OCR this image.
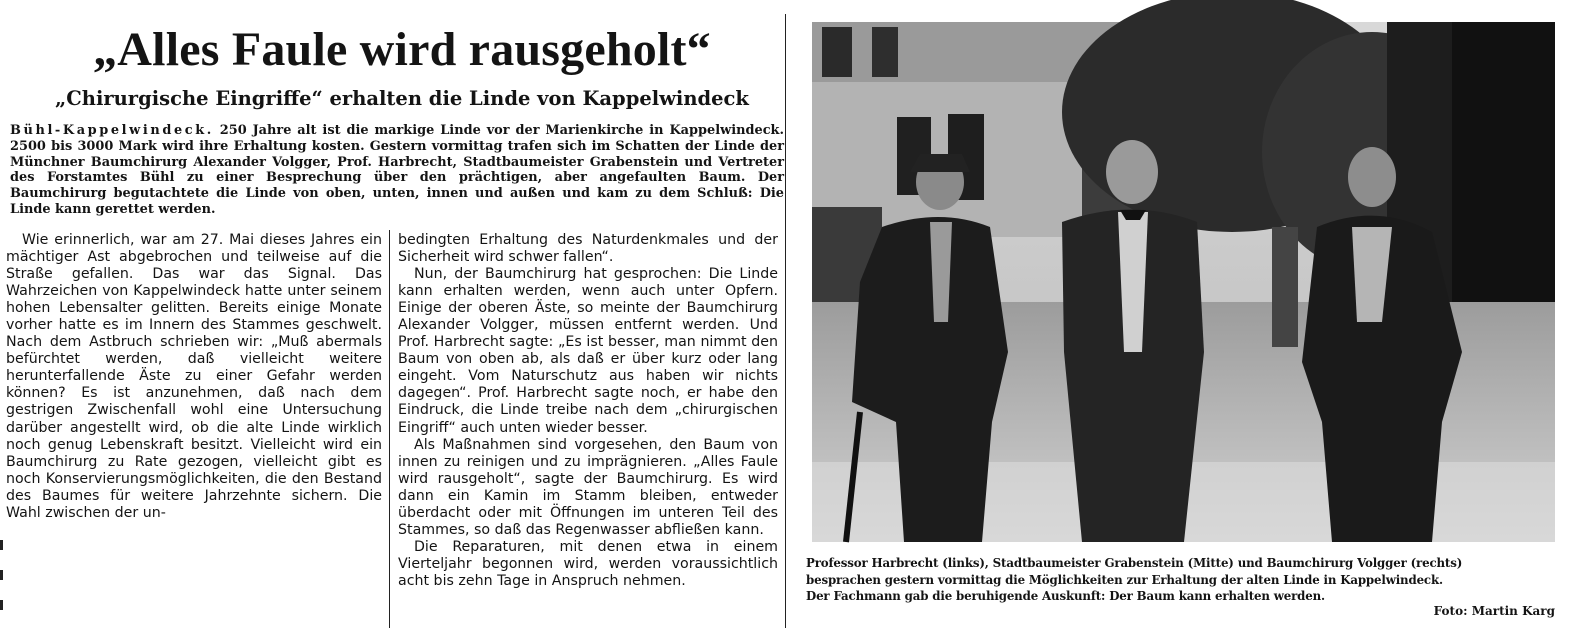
„Alles Faule wird rausgeholt“
„Chirurgische Eingriffe“ erhalten die Linde von Kappelwindeck
Bühl-Kappelwindeck. 250 Jahre alt ist die markige Linde vor der Marienkirche in Kappelwindeck. 2500 bis 3000 Mark wird ihre Erhaltung kosten. Gestern vormittag trafen sich im Schatten der Linde der Münchner Baumchirurg Alexander Volgger, Prof. Harbrecht, Stadtbaumeister Grabenstein und Vertreter des Forstamtes Bühl zu einer Besprechung über den prächtigen, aber angefaulten Baum. Der Baumchirurg begutachtete die Linde von oben, unten, innen und außen und kam zu dem Schluß: Die Linde kann gerettet werden.

Wie erinnerlich, war am 27. Mai dieses Jahres ein mächtiger Ast abgebrochen und teilweise auf die Straße gefallen. Das war das Signal. Das Wahrzeichen von Kappelwindeck hatte unter seinem hohen Lebensalter gelitten. Bereits einige Monate vorher hatte es im Innern des Stammes geschwelt. Nach dem Astbruch schrieben wir: „Muß abermals befürchtet werden, daß vielleicht weitere herunterfallende Äste zu einer Gefahr werden können? Es ist anzunehmen, daß nach dem gestrigen Zwischenfall wohl eine Untersuchung darüber angestellt wird, ob die alte Linde wirklich noch genug Lebenskraft besitzt. Vielleicht wird ein Baumchirurg zu Rate gezogen, vielleicht gibt es noch Konservierungsmöglichkeiten, die den Bestand des Baumes für weitere Jahrzehnte sichern. Die Wahl zwischen der un-

bedingten Erhaltung des Naturdenkmales und der Sicherheit wird schwer fallen“.

Nun, der Baumchirurg hat gesprochen: Die Linde kann erhalten werden, wenn auch unter Opfern. Einige der oberen Äste, so meinte der Baumchirurg Alexander Volgger, müssen entfernt werden. Und Prof. Harbrecht sagte: „Es ist besser, man nimmt den Baum von oben ab, als daß er über kurz oder lang eingeht. Vom Naturschutz aus haben wir nichts dagegen“. Prof. Harbrecht sagte noch, er habe den Eindruck, die Linde treibe nach dem „chirurgischen Eingriff“ auch unten wieder besser.

Als Maßnahmen sind vorgesehen, den Baum von innen zu reinigen und zu imprägnieren. „Alles Faule wird rausgeholt“, sagte der Baumchirurg. Es wird dann ein Kamin im Stamm bleiben, entweder überdacht oder mit Öffnungen im unteren Teil des Stammes, so daß das Regenwasser abfließen kann.

Die Reparaturen, mit denen etwa in einem Vierteljahr begonnen wird, werden voraussichtlich acht bis zehn Tage in Anspruch nehmen.

Professor Harbrecht (links), Stadtbaumeister Grabenstein (Mitte) und Baumchirurg Volgger (rechts)
besprachen gestern vormittag die Möglichkeiten zur Erhaltung der alten Linde in Kappelwindeck.
Der Fachmann gab die beruhigende Auskunft: Der Baum kann erhalten werden.
Foto: Martin Karg
